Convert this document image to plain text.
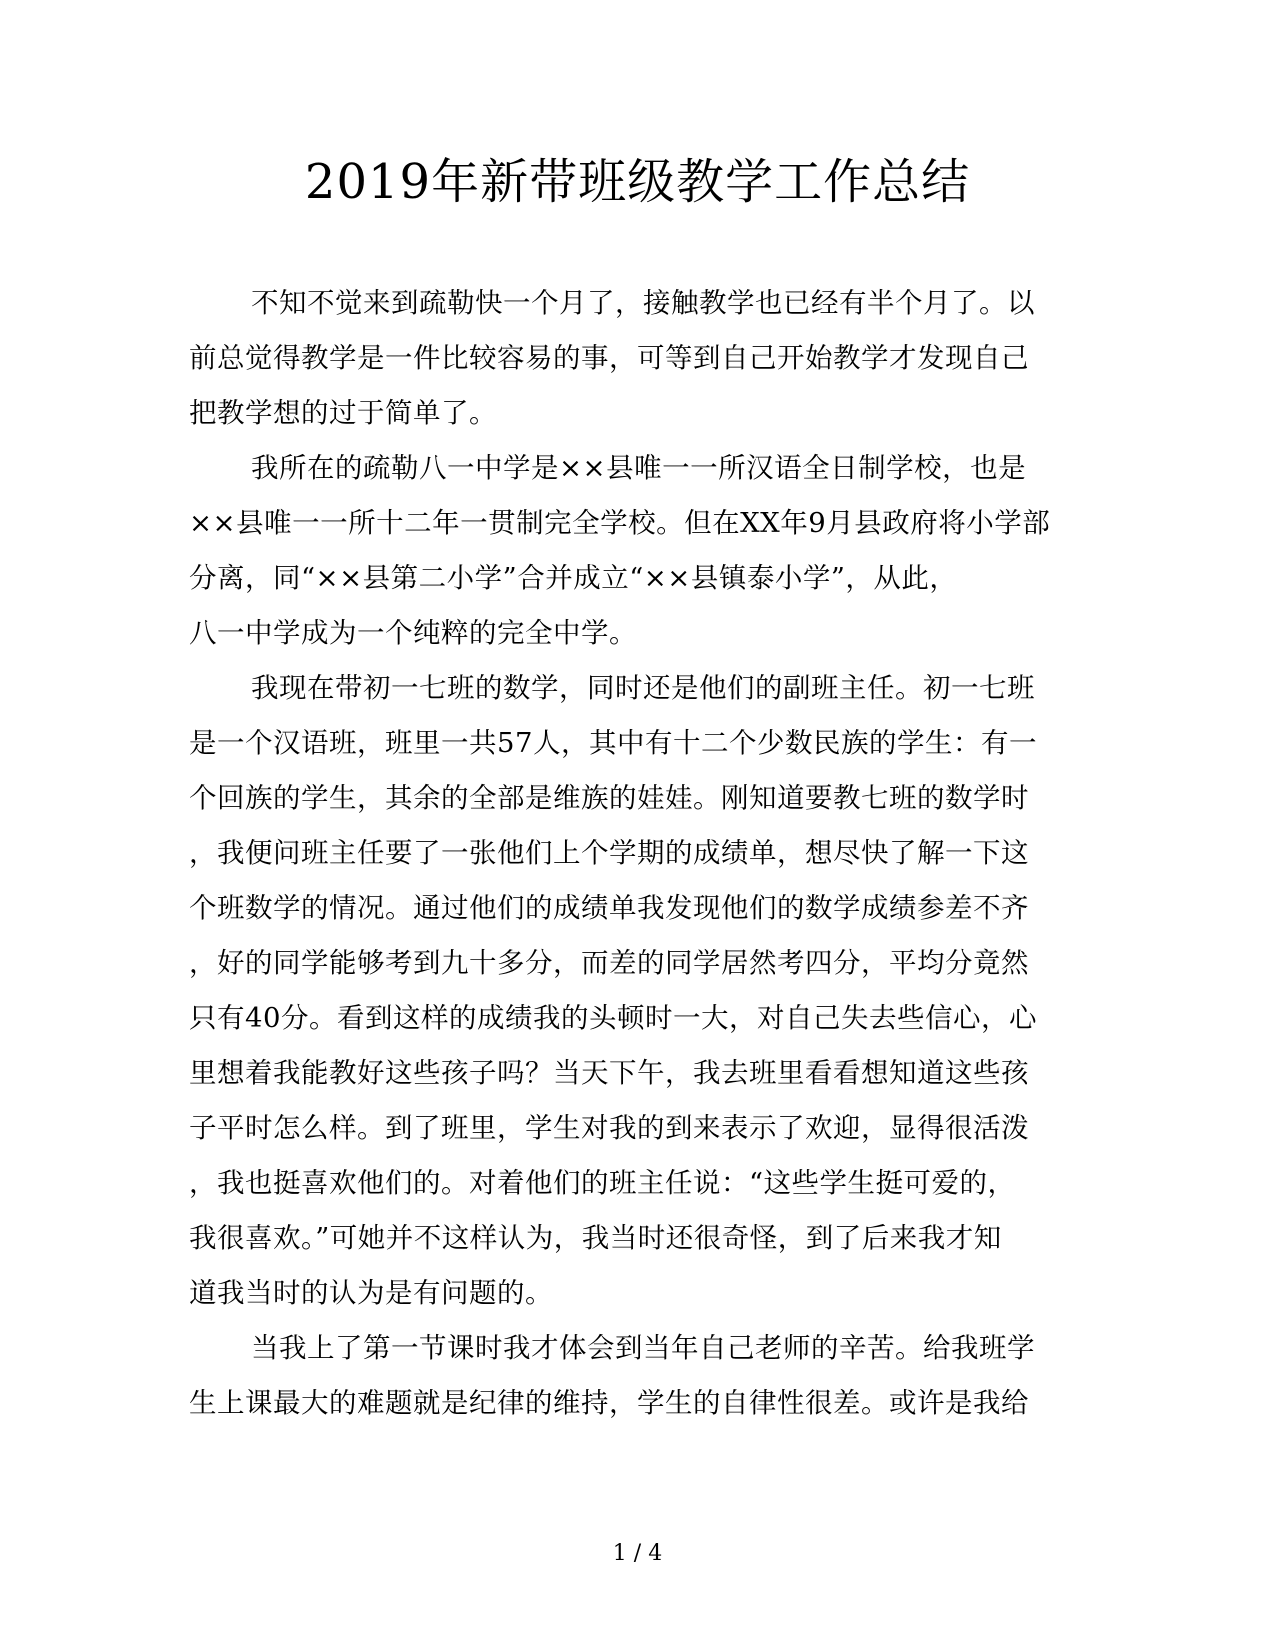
2019年新带班级教学工作总结
不知不觉来到疏勒快一个月了，接触教学也已经有半个月了。以
前总觉得教学是一件比较容易的事，可等到自己开始教学才发现自己
把教学想的过于简单了。
我所在的疏勒八一中学是××县唯一一所汉语全日制学校，也是
××县唯一一所十二年一贯制完全学校。但在XX年9月县政府将小学部
分离，同“××县第二小学”合并成立“××县镇泰小学”，从此，
八一中学成为一个纯粹的完全中学。
我现在带初一七班的数学，同时还是他们的副班主任。初一七班
是一个汉语班，班里一共57人，其中有十二个少数民族的学生：有一
个回族的学生，其余的全部是维族的娃娃。刚知道要教七班的数学时
，我便问班主任要了一张他们上个学期的成绩单，想尽快了解一下这
个班数学的情况。通过他们的成绩单我发现他们的数学成绩参差不齐
，好的同学能够考到九十多分，而差的同学居然考四分，平均分竟然
只有40分。看到这样的成绩我的头顿时一大，对自己失去些信心，心
里想着我能教好这些孩子吗？当天下午，我去班里看看想知道这些孩
子平时怎么样。到了班里，学生对我的到来表示了欢迎，显得很活泼
，我也挺喜欢他们的。对着他们的班主任说：“这些学生挺可爱的，
我很喜欢。”可她并不这样认为，我当时还很奇怪，到了后来我才知
道我当时的认为是有问题的。
当我上了第一节课时我才体会到当年自己老师的辛苦。给我班学
生上课最大的难题就是纪律的维持，学生的自律性很差。或许是我给
1 / 4
